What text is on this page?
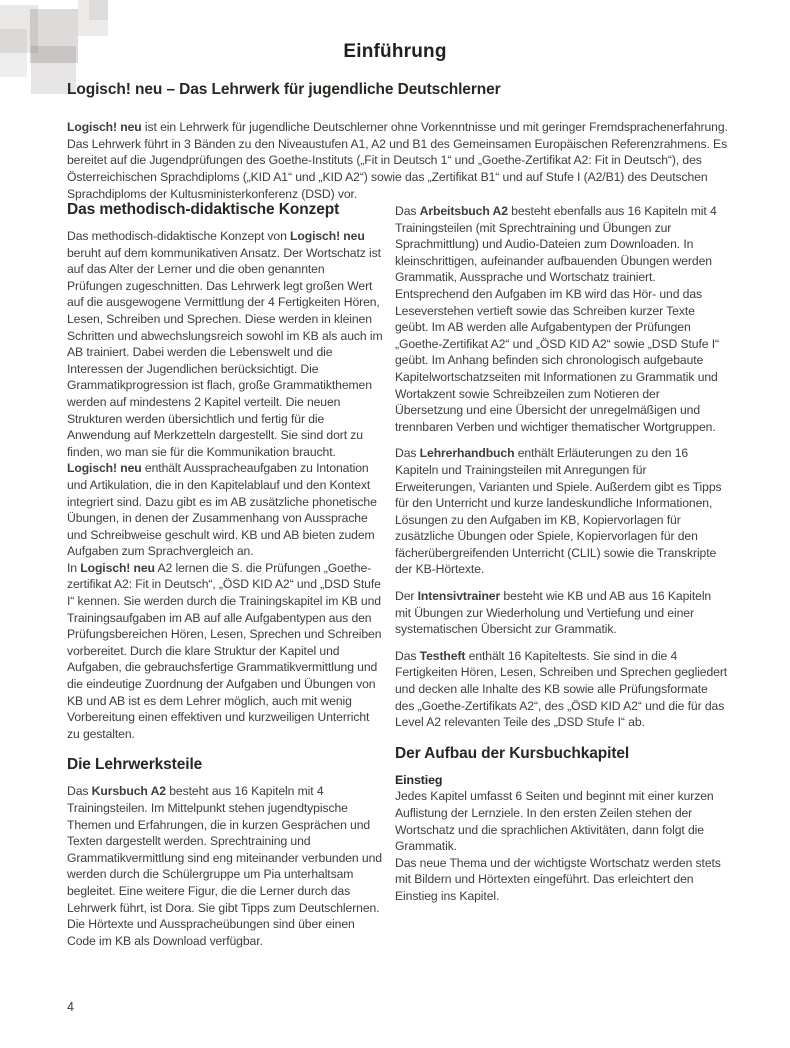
Einführung
Logisch! neu – Das Lehrwerk für jugendliche Deutschlerner

Logisch! neu ist ein Lehrwerk für jugendliche Deutschlerner ohne Vorkenntnisse und mit geringer Fremdsprachenerfahrung. Das Lehrwerk führt in 3 Bänden zu den Niveaustufen A1, A2 und B1 des Gemeinsamen Europäischen Referenzrahmens. Es bereitet auf die Jugendprüfungen des Goethe-Instituts („Fit in Deutsch 1“ und „Goethe-Zertifikat A2: Fit in Deutsch“), des Österreichischen Sprachdiploms („KID A1“ und „KID A2“) sowie das „Zertifikat B1“ und auf Stufe I (A2/B1) des Deutschen Sprachdiploms der Kultusministerkonferenz (DSD) vor.

Das methodisch-didaktische Konzept

Das methodisch-didaktische Konzept von Logisch! neu beruht auf dem kommunikativen Ansatz. Der Wortschatz ist auf das Alter der Lerner und die oben genannten Prüfungen zugeschnitten. Das Lehrwerk legt großen Wert auf die ausgewogene Vermittlung der 4 Fertigkeiten Hören, Lesen, Schreiben und Sprechen. Diese werden in kleinen Schritten und abwechslungsreich sowohl im KB als auch im AB trainiert. Dabei werden die Lebenswelt und die Interessen der Jugendlichen berücksichtigt. Die Grammatikprogression ist flach, große Grammatikthemen werden auf mindestens 2 Kapitel verteilt. Die neuen Strukturen werden übersichtlich und fertig für die Anwendung auf Merkzetteln dargestellt. Sie sind dort zu finden, wo man sie für die Kommunikation braucht.

Logisch! neu enthält Ausspracheaufgaben zu Intonation und Artikulation, die in den Kapitelablauf und den Kontext integriert sind. Dazu gibt es im AB zusätzliche phonetische Übungen, in denen der Zusammenhang von Aussprache und Schreibweise geschult wird. KB und AB bieten zudem Aufgaben zum Sprachvergleich an.

In Logisch! neu A2 lernen die S. die Prüfungen „Goethe-zertifikat A2: Fit in Deutsch“, „ÖSD KID A2“ und „DSD Stufe I“ kennen. Sie werden durch die Trainingskapitel im KB und Trainingsaufgaben im AB auf alle Aufgabentypen aus den Prüfungsbereichen Hören, Lesen, Sprechen und Schreiben vorbereitet. Durch die klare Struktur der Kapitel und Aufgaben, die gebrauchsfertige Grammatikvermittlung und die eindeutige Zuordnung der Aufgaben und Übungen von KB und AB ist es dem Lehrer möglich, auch mit wenig Vorbereitung einen effektiven und kurzweiligen Unterricht zu gestalten.

Die Lehrwerksteile

Das Kursbuch A2 besteht aus 16 Kapiteln mit 4 Trainingsteilen. Im Mittelpunkt stehen jugendtypische Themen und Erfahrungen, die in kurzen Gesprächen und Texten dargestellt werden. Sprechtraining und Grammatikvermittlung sind eng miteinander verbunden und werden durch die Schülergruppe um Pia unterhaltsam begleitet. Eine weitere Figur, die die Lerner durch das Lehrwerk führt, ist Dora. Sie gibt Tipps zum Deutschlernen.

Die Hörtexte und Ausspracheübungen sind über einen Code im KB als Download verfügbar.

Das Arbeitsbuch A2 besteht ebenfalls aus 16 Kapiteln mit 4 Trainingsteilen (mit Sprechtraining und Übungen zur Sprachmittlung) und Audio-Dateien zum Downloaden. In kleinschrittigen, aufeinander aufbauenden Übungen werden Grammatik, Aussprache und Wortschatz trainiert. Entsprechend den Aufgaben im KB wird das Hör- und das Leseverstehen vertieft sowie das Schreiben kurzer Texte geübt. Im AB werden alle Aufgabentypen der Prüfungen „Goethe-Zertifikat A2“ und „ÖSD KID A2“ sowie „DSD Stufe I“ geübt. Im Anhang befinden sich chronologisch aufgebaute Kapitelwortschatzseiten mit Informationen zu Grammatik und Wortakzent sowie Schreibzeilen zum Notieren der Übersetzung und eine Übersicht der unregelmäßigen und trennbaren Verben und wichtiger thematischer Wortgruppen.

Das Lehrerhandbuch enthält Erläuterungen zu den 16 Kapiteln und Trainingsteilen mit Anregungen für Erweiterungen, Varianten und Spiele. Außerdem gibt es Tipps für den Unterricht und kurze landeskundliche Informationen, Lösungen zu den Aufgaben im KB, Kopiervorlagen für zusätzliche Übungen oder Spiele, Kopiervorlagen für den fächerübergreifenden Unterricht (CLIL) sowie die Transkripte der KB-Hörtexte.

Der Intensivtrainer besteht wie KB und AB aus 16 Kapiteln mit Übungen zur Wiederholung und Vertiefung und einer systematischen Übersicht zur Grammatik.

Das Testheft enthält 16 Kapiteltests. Sie sind in die 4 Fertigkeiten Hören, Lesen, Schreiben und Sprechen gegliedert und decken alle Inhalte des KB sowie alle Prüfungsformate des „Goethe-Zertifikats A2“, des „ÖSD KID A2“ und die für das Level A2 relevanten Teile des „DSD Stufe I“ ab.

Der Aufbau der Kursbuchkapitel
Einstieg

Jedes Kapitel umfasst 6 Seiten und beginnt mit einer kurzen Auflistung der Lernziele. In den ersten Zeilen stehen der Wortschatz und die sprachlichen Aktivitäten, dann folgt die Grammatik.

Das neue Thema und der wichtigste Wortschatz werden stets mit Bildern und Hörtexten eingeführt. Das erleichtert den Einstieg ins Kapitel.

4
